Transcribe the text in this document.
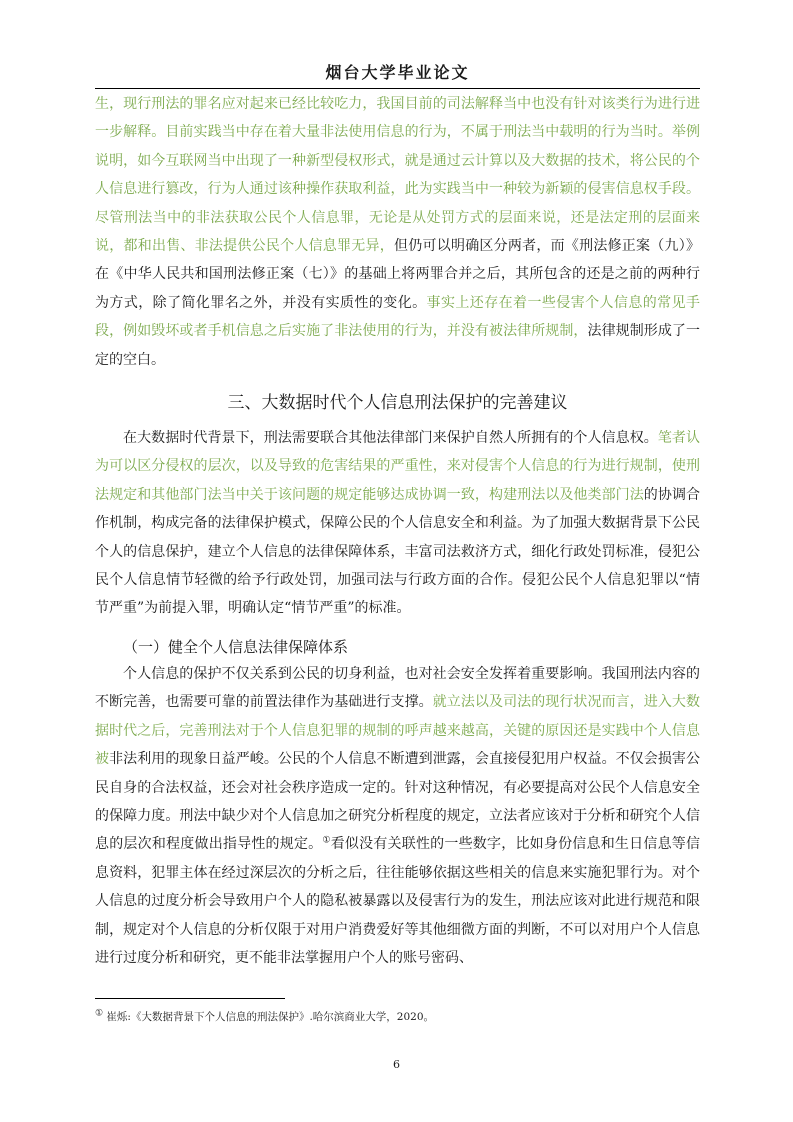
烟台大学毕业论文
生，现行刑法的罪名应对起来已经比较吃力，我国目前的司法解释当中也没有针对该类行为进行进一步解释。目前实践当中存在着大量非法使用信息的行为，不属于刑法当中载明的行为当时。举例说明，如今互联网当中出现了一种新型侵权形式，就是通过云计算以及大数据的技术，将公民的个人信息进行篡改，行为人通过该种操作获取利益，此为实践当中一种较为新颖的侵害信息权手段。尽管刑法当中的非法获取公民个人信息罪，无论是从处罚方式的层面来说，还是法定刑的层面来说，都和出售、非法提供公民个人信息罪无异，但仍可以明确区分两者，而《刑法修正案（九）》在《中华人民共和国刑法修正案（七）》的基础上将两罪合并之后，其所包含的还是之前的两种行为方式，除了简化罪名之外，并没有实质性的变化。事实上还存在着一些侵害个人信息的常见手段，例如毁坏或者手机信息之后实施了非法使用的行为，并没有被法律所规制，法律规制形成了一定的空白。
三、大数据时代个人信息刑法保护的完善建议
在大数据时代背景下，刑法需要联合其他法律部门来保护自然人所拥有的个人信息权。笔者认为可以区分侵权的层次，以及导致的危害结果的严重性，来对侵害个人信息的行为进行规制，使刑法规定和其他部门法当中关于该问题的规定能够达成协调一致，构建刑法以及他类部门法的协调合作机制，构成完备的法律保护模式，保障公民的个人信息安全和利益。为了加强大数据背景下公民个人的信息保护，建立个人信息的法律保障体系，丰富司法救济方式，细化行政处罚标准，侵犯公民个人信息情节轻微的给予行政处罚，加强司法与行政方面的合作。侵犯公民个人信息犯罪以“情节严重”为前提入罪，明确认定“情节严重”的标准。
（一）健全个人信息法律保障体系
个人信息的保护不仅关系到公民的切身利益，也对社会安全发挥着重要影响。我国刑法内容的不断完善，也需要可靠的前置法律作为基础进行支撑。就立法以及司法的现行状况而言，进入大数据时代之后，完善刑法对于个人信息犯罪的规制的呼声越来越高，关键的原因还是实践中个人信息被非法利用的现象日益严峻。公民的个人信息不断遭到泄露，会直接侵犯用户权益。不仅会损害公民自身的合法权益，还会对社会秩序造成一定的。针对这种情况，有必要提高对公民个人信息安全的保障力度。刑法中缺少对个人信息加之研究分析程度的规定，立法者应该对于分析和研究个人信息的层次和程度做出指导性的规定。①看似没有关联性的一些数字，比如身份信息和生日信息等信息资料，犯罪主体在经过深层次的分析之后，往往能够依据这些相关的信息来实施犯罪行为。对个人信息的过度分析会导致用户个人的隐私被暴露以及侵害行为的发生，刑法应该对此进行规范和限制，规定对个人信息的分析仅限于对用户消费爱好等其他细微方面的判断，不可以对用户个人信息进行过度分析和研究，更不能非法掌握用户个人的账号密码、
① 崔烁:《大数据背景下个人信息的刑法保护》.哈尔滨商业大学，2020。
6
